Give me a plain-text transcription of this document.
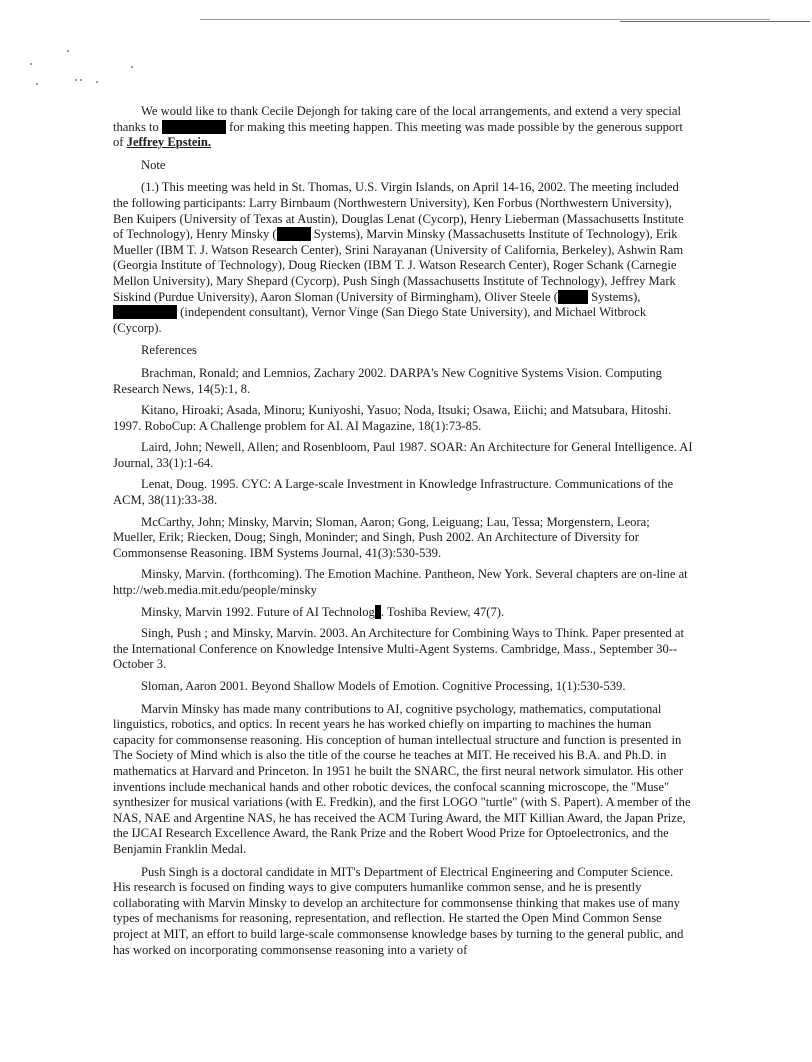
We would like to thank Cecile Dejongh for taking care of the local arrangements, and extend a very special thanks to	for making this meeting happen. This meeting was made possible by the generous support of Jeffrey Epstein.

Note

(1.) This meeting was held in St. Thomas, U.S. Virgin Islands, on April 14-16, 2002. The meeting included the following participants: Larry Birnbaum (Northwestern University), Ken Forbus (Northwestern University), Ben Kuipers (University of Texas at Austin), Douglas Lenat (Cycorp), Henry Lieberman (Massachusetts Institute of Technology), Henry Minsky (	Systems), Marvin Minsky (Massachusetts Institute of Technology), Erik Mueller (IBM T. J. Watson Research Center), Srini Narayanan (University of California, Berkeley), Ashwin Ram (Georgia Institute of Technology), Doug Riecken (IBM T. J. Watson Research Center), Roger Schank (Carnegie Mellon University), Mary Shepard (Cycorp), Push Singh (Massachusetts Institute of Technology), Jeffrey Mark Siskind (Purdue University), Aaron Sloman (University of Birmingham), Oliver Steele (	Systems),  (independent consultant), Vernor Vinge (San Diego State University), and Michael Witbrock (Cycorp).

References

Brachman, Ronald; and Lemnios, Zachary 2002. DARPA's New Cognitive Systems Vision. Computing Research News, 14(5):1, 8.

Kitano, Hiroaki; Asada, Minoru; Kuniyoshi, Yasuo; Noda, Itsuki; Osawa, Eiichi; and Matsubara, Hitoshi. 1997. RoboCup: A Challenge problem for AI. AI Magazine, 18(1):73-85.

Laird, John; Newell, Allen; and Rosenbloom, Paul 1987. SOAR: An Architecture for General Intelligence. AI Journal, 33(1):1-64.

Lenat, Doug. 1995. CYC: A Large-scale Investment in Knowledge Infrastructure. Communications of the ACM, 38(11):33-38.

McCarthy, John; Minsky, Marvin; Sloman, Aaron; Gong, Leiguang; Lau, Tessa; Morgenstern, Leora; Mueller, Erik; Riecken, Doug; Singh, Moninder; and Singh, Push 2002. An Architecture of Diversity for Commonsense Reasoning. IBM Systems Journal, 41(3):530-539.

Minsky, Marvin. (forthcoming). The Emotion Machine. Pantheon, New York. Several chapters are on-line at http://web.media.mit.edu/people/minsky

Minsky, Marvin 1992. Future of AI Technolog . Toshiba Review, 47(7).

Singh, Push ; and Minsky, Marvin. 2003. An Architecture for Combining Ways to Think. Paper presented at the International Conference on Knowledge Intensive Multi-Agent Systems. Cambridge, Mass., September 30--October 3.

Sloman, Aaron 2001. Beyond Shallow Models of Emotion. Cognitive Processing, 1(1):530-539.

Marvin Minsky has made many contributions to AI, cognitive psychology, mathematics, computational linguistics, robotics, and optics. In recent years he has worked chiefly on imparting to machines the human capacity for commonsense reasoning. His conception of human intellectual structure and function is presented in The Society of Mind which is also the title of the course he teaches at MIT. He received his B.A. and Ph.D. in mathematics at Harvard and Princeton. In 1951 he built the SNARC, the first neural network simulator. His other inventions include mechanical hands and other robotic devices, the confocal scanning microscope, the "Muse" synthesizer for musical variations (with E. Fredkin), and the first LOGO "turtle" (with S. Papert). A member of the NAS, NAE and Argentine NAS, he has received the ACM Turing Award, the MIT Killian Award, the Japan Prize, the IJCAI Research Excellence Award, the Rank Prize and the Robert Wood Prize for Optoelectronics, and the Benjamin Franklin Medal.

Push Singh is a doctoral candidate in MIT's Department of Electrical Engineering and Computer Science. His research is focused on finding ways to give computers humanlike common sense, and he is presently collaborating with Marvin Minsky to develop an architecture for commonsense thinking that makes use of many types of mechanisms for reasoning, representation, and reflection. He started the Open Mind Common Sense project at MIT, an effort to build large-scale commonsense knowledge bases by turning to the general public, and has worked on incorporating commonsense reasoning into a variety of
